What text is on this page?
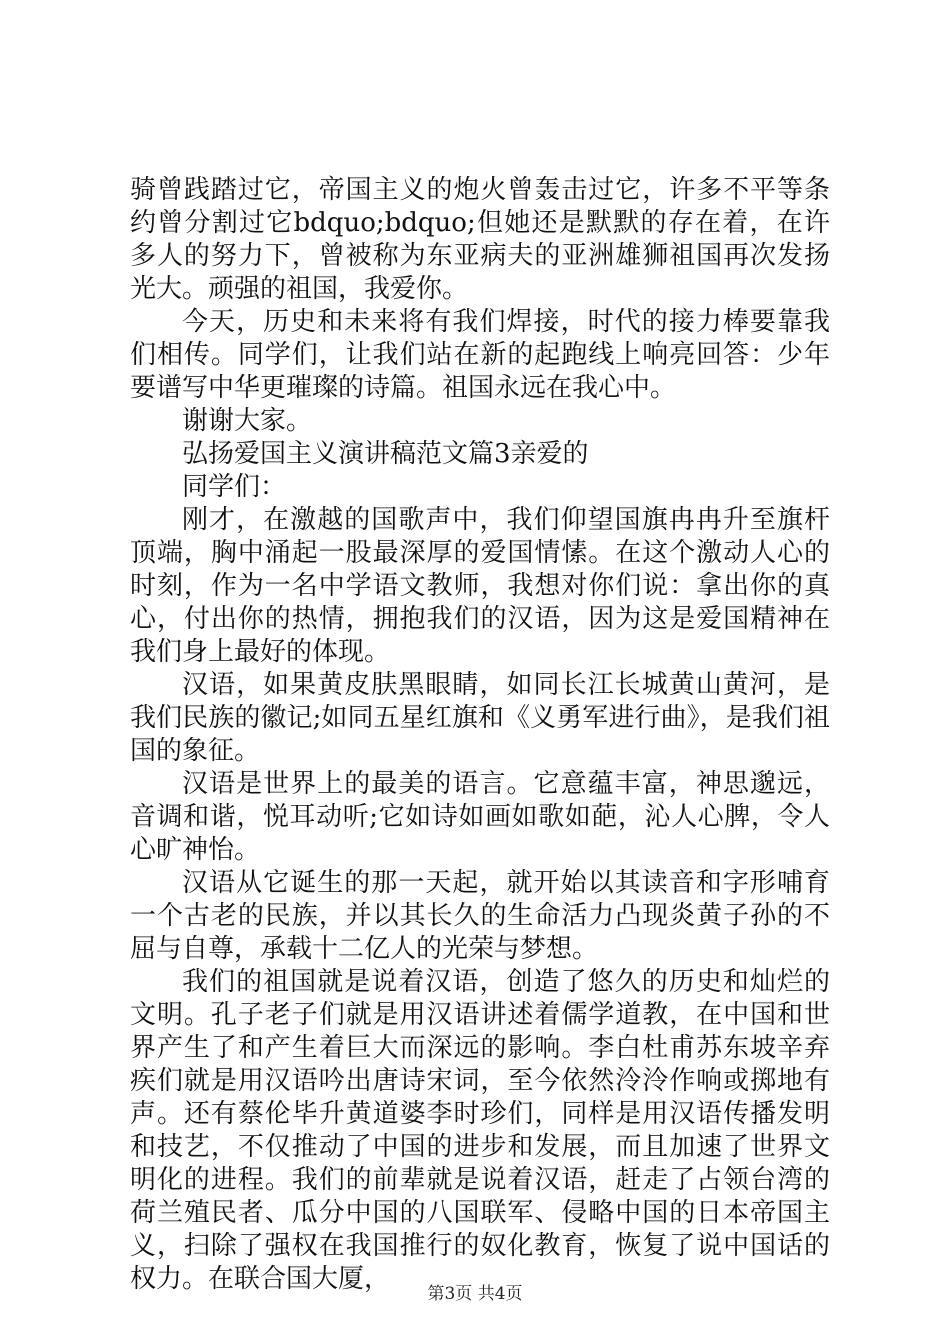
骑曾践踏过它，帝国主义的炮火曾轰击过它，许多不平等条约曾分割过它bdquo;bdquo;但她还是默默的存在着，在许多人的努力下，曾被称为东亚病夫的亚洲雄狮祖国再次发扬光大。顽强的祖国，我爱你。

今天，历史和未来将有我们焊接，时代的接力棒要靠我们相传。同学们，让我们站在新的起跑线上响亮回答：少年要谱写中华更璀璨的诗篇。祖国永远在我心中。

谢谢大家。

弘扬爱国主义演讲稿范文篇3亲爱的

同学们：

刚才，在激越的国歌声中，我们仰望国旗冉冉升至旗杆顶端，胸中涌起一股最深厚的爱国情愫。在这个激动人心的时刻，作为一名中学语文教师，我想对你们说：拿出你的真心，付出你的热情，拥抱我们的汉语，因为这是爱国精神在我们身上最好的体现。

汉语，如果黄皮肤黑眼睛，如同长江长城黄山黄河，是我们民族的徽记;如同五星红旗和《义勇军进行曲》，是我们祖国的象征。

汉语是世界上的最美的语言。它意蕴丰富，神思邈远，音调和谐，悦耳动听;它如诗如画如歌如葩，沁人心脾，令人心旷神怡。

汉语从它诞生的那一天起，就开始以其读音和字形哺育一个古老的民族，并以其长久的生命活力凸现炎黄子孙的不屈与自尊，承载十二亿人的光荣与梦想。

我们的祖国就是说着汉语，创造了悠久的历史和灿烂的文明。孔子老子们就是用汉语讲述着儒学道教，在中国和世界产生了和产生着巨大而深远的影响。李白杜甫苏东坡辛弃疾们就是用汉语吟出唐诗宋词，至今依然泠泠作响或掷地有声。还有蔡伦毕升黄道婆李时珍们，同样是用汉语传播发明和技艺，不仅推动了中国的进步和发展，而且加速了世界文明化的进程。我们的前辈就是说着汉语，赶走了占领台湾的荷兰殖民者、瓜分中国的八国联军、侵略中国的日本帝国主义，扫除了强权在我国推行的奴化教育，恢复了说中国话的权力。在联合国大厦，	第3页 共4页
